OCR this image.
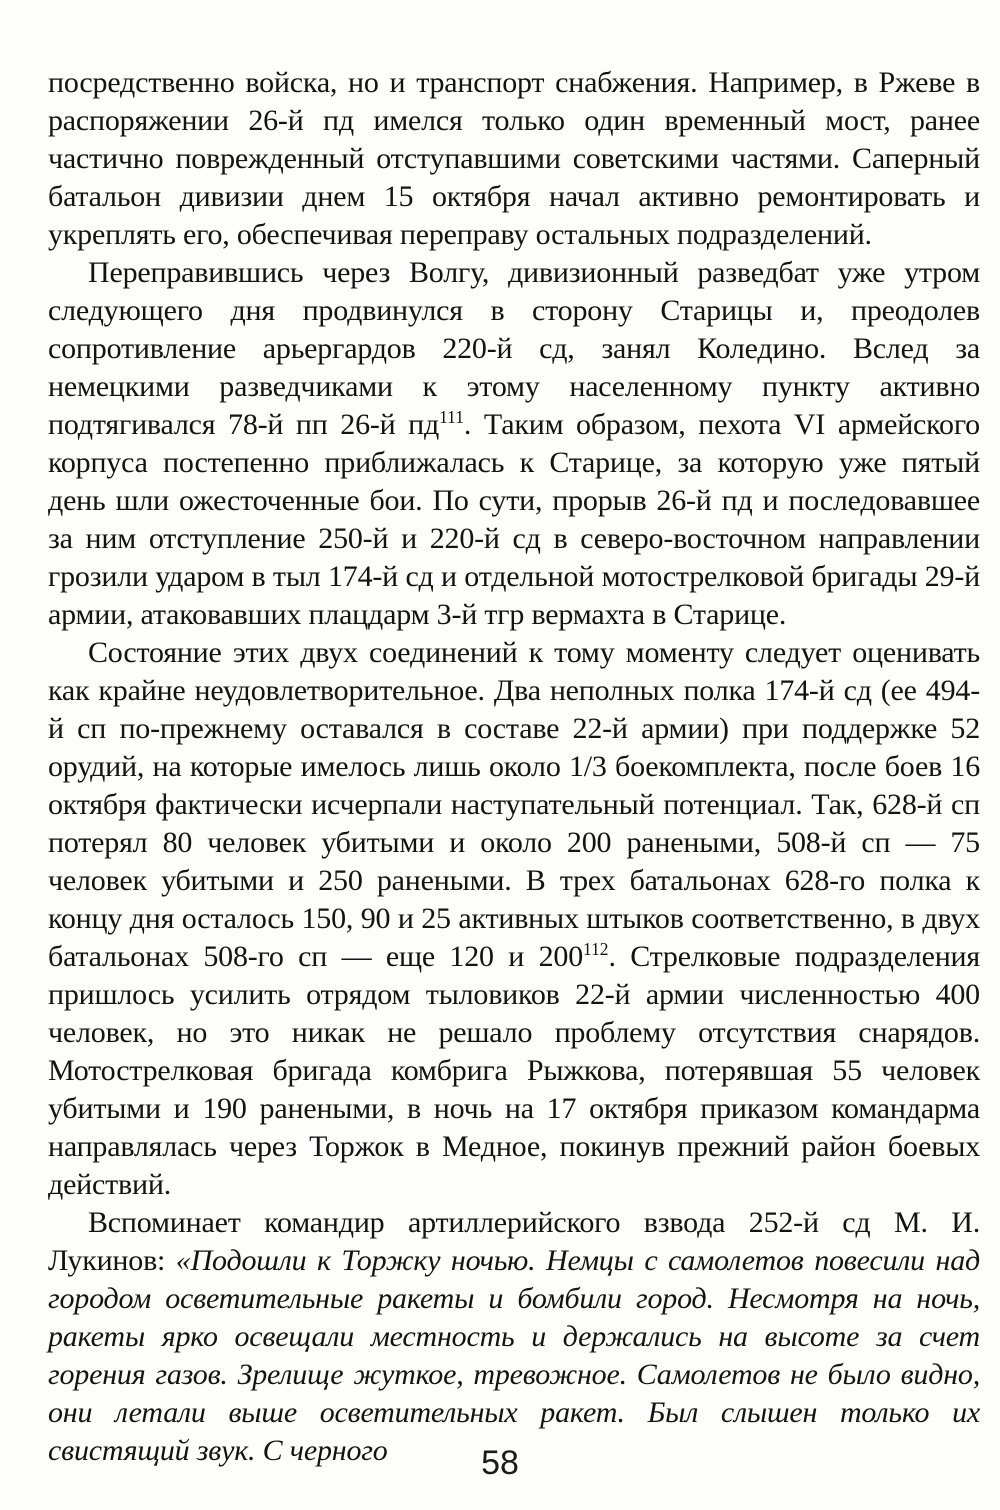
посредственно войска, но и транспорт снабжения. Например, в Ржеве в распоряжении 26-й пд имелся только один временный мост, ранее частично поврежденный отступавшими советскими частями. Саперный батальон дивизии днем 15 октября начал активно ремонтировать и укреплять его, обеспечивая переправу остальных подразделений.

Переправившись через Волгу, дивизионный разведбат уже утром следующего дня продвинулся в сторону Старицы и, преодолев сопротивление арьергардов 220-й сд, занял Коледино. Вслед за немецкими разведчиками к этому населенному пункту активно подтягивался 78-й пп 26-й пд$^{111}$. Таким образом, пехота VI армейского корпуса постепенно приближалась к Старице, за которую уже пятый день шли ожесточенные бои. По сути, прорыв 26-й пд и последовавшее за ним отступление 250-й и 220-й сд в северо-восточном направлении грозили ударом в тыл 174-й сд и отдельной мотострелковой бригады 29-й армии, атаковавших плацдарм 3-й тгр вермахта в Старице.

Состояние этих двух соединений к тому моменту следует оценивать как крайне неудовлетворительное. Два неполных полка 174-й сд (ее 494-й сп по-прежнему оставался в составе 22-й армии) при поддержке 52 орудий, на которые имелось лишь около 1/3 боекомплекта, после боев 16 октября фактически исчерпали наступательный потенциал. Так, 628-й сп потерял 80 человек убитыми и около 200 ранеными, 508-й сп — 75 человек убитыми и 250 ранеными. В трех батальонах 628-го полка к концу дня осталось 150, 90 и 25 активных штыков соответственно, в двух батальонах 508-го сп — еще 120 и 200$^{112}$. Стрелковые подразделения пришлось усилить отрядом тыловиков 22-й армии численностью 400 человек, но это никак не решало проблему отсутствия снарядов. Мотострелковая бригада комбрига Рыжкова, потерявшая 55 человек убитыми и 190 ранеными, в ночь на 17 октября приказом командарма направлялась через Торжок в Медное, покинув прежний район боевых действий.

Вспоминает командир артиллерийского взвода 252-й сд М. И. Лукинов: «Подошли к Торжку ночью. Немцы с самолетов повесили над городом осветительные ракеты и бомбили город. Несмотря на ночь, ракеты ярко освещали местность и держались на высоте за счет горения газов. Зрелище жуткое, тревожное. Самолетов не было видно, они летали выше осветительных ракет. Был слышен только их свистящий звук. С черного	58
